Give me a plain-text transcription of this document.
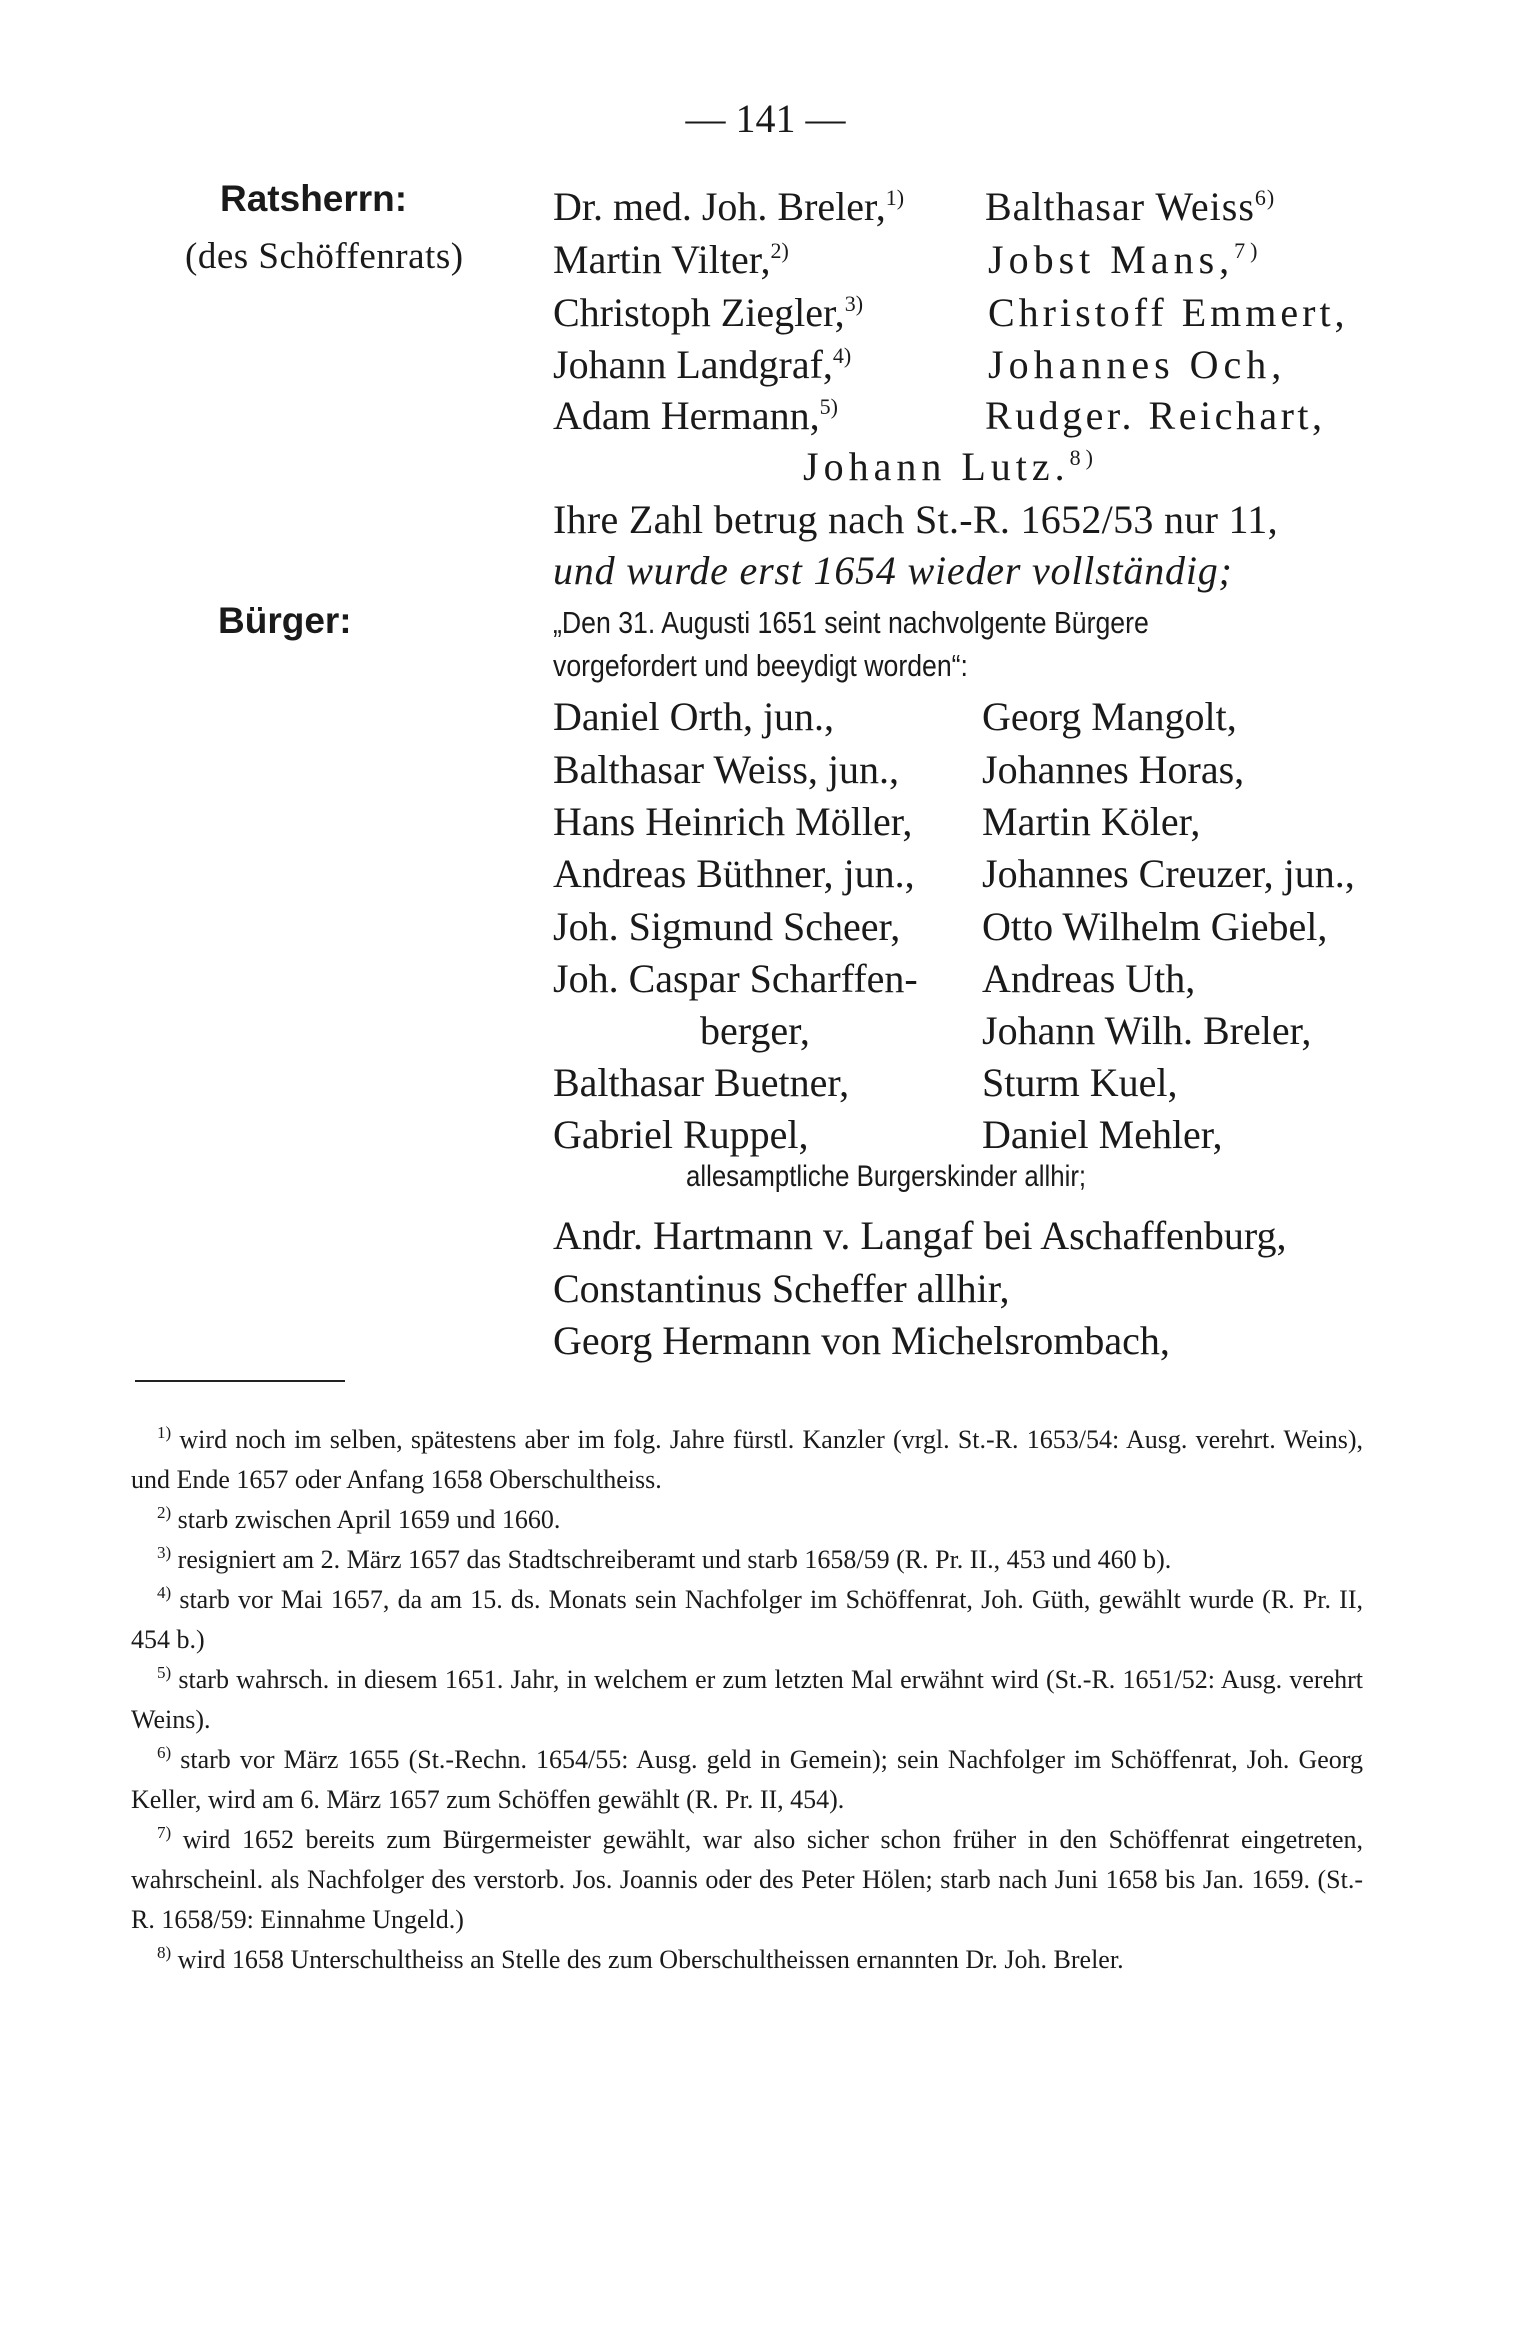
— 141 —
Ratsherrn:
(des Schöffenrats)
Bürger:
Dr. med. Joh. Breler,$^{1)}$
Martin Vilter,$^{2)}$
Christoph Ziegler,$^{3)}$
Johann Landgraf,$^{4)}$
Adam Hermann,$^{5)}$
Balthasar Weiss$^{6)}$
Jobst Mans,$^{7)}$
Christoff Emmert,
Johannes Och,
Rudger. Reichart,
Johann Lutz.$^{8)}$
Ihre Zahl betrug nach St.-R. 1652/53 nur 11,
und wurde erst 1654 wieder vollständig;
„Den 31. Augusti 1651 seint nachvolgente Bürgere
vorgefordert und beeydigt worden“:
Daniel Orth, jun.,
Balthasar Weiss, jun.,
Hans Heinrich Möller,
Andreas Büthner, jun.,
Joh. Sigmund Scheer,
Joh. Caspar Scharffen-
berger,
Balthasar Buetner,
Gabriel Ruppel,
Georg Mangolt,
Johannes Horas,
Martin Köler,
Johannes Creuzer, jun.,
Otto Wilhelm Giebel,
Andreas Uth,
Johann Wilh. Breler,
Sturm Kuel,
Daniel Mehler,
allesamptliche Burgerskinder allhir;
Andr. Hartmann v. Langaf bei Aschaffenburg,
Constantinus Scheffer allhir,
Georg Hermann von Michelsrombach,

$^{1)}$ wird noch im selben, spätestens aber im folg. Jahre fürstl. Kanzler (vrgl. St.-R. 1653/54: Ausg. verehrt. Weins), und Ende 1657 oder Anfang 1658 Oberschultheiss.

$^{2)}$ starb zwischen April 1659 und 1660.

$^{3)}$ resigniert am 2. März 1657 das Stadtschreiberamt und starb 1658/59 (R. Pr. II., 453 und 460 b).

$^{4)}$ starb vor Mai 1657, da am 15. ds. Monats sein Nachfolger im Schöffenrat, Joh. Güth, gewählt wurde (R. Pr. II, 454 b.)

$^{5)}$ starb wahrsch. in diesem 1651. Jahr, in welchem er zum letzten Mal erwähnt wird (St.-R. 1651/52: Ausg. verehrt Weins).

$^{6)}$ starb vor März 1655 (St.-Rechn. 1654/55: Ausg. geld in Gemein); sein Nachfolger im Schöffenrat, Joh. Georg Keller, wird am 6. März 1657 zum Schöffen gewählt (R. Pr. II, 454).

$^{7)}$ wird 1652 bereits zum Bürgermeister gewählt, war also sicher schon früher in den Schöffenrat eingetreten, wahrscheinl. als Nachfolger des verstorb. Jos. Joannis oder des Peter Hölen; starb nach Juni 1658 bis Jan. 1659. (St.-R. 1658/59: Einnahme Ungeld.)

$^{8)}$ wird 1658 Unterschultheiss an Stelle des zum Oberschultheissen ernannten Dr. Joh. Breler.
